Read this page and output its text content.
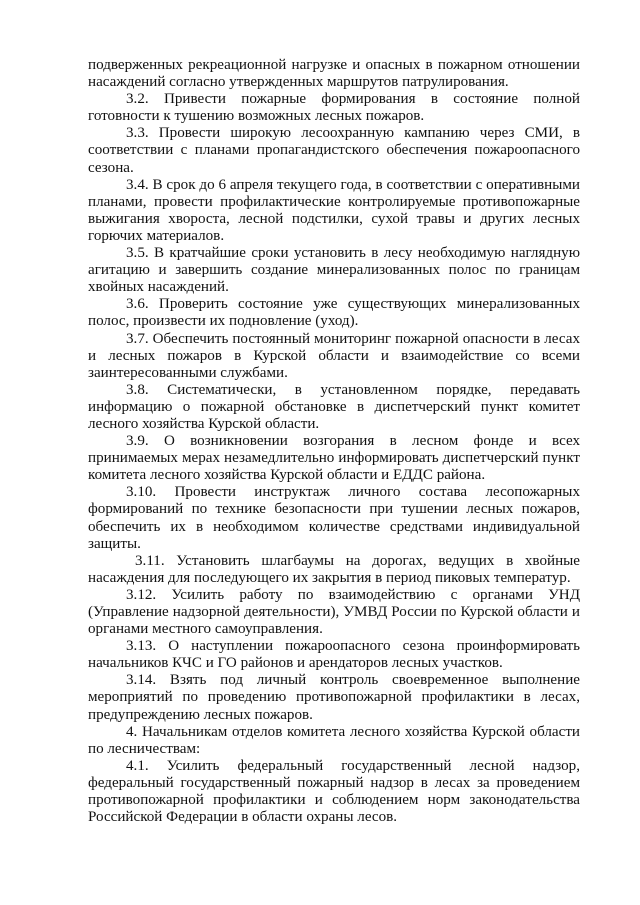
подверженных рекреационной нагрузке и опасных в пожарном отношении насаждений согласно утвержденных маршрутов патрулирования.

3.2. Привести пожарные формирования в состояние полной готовности к тушению возможных лесных пожаров.

3.3. Провести широкую лесоохранную кампанию через СМИ, в соответствии с планами пропагандистского обеспечения пожароопасного сезона.

3.4. В срок до 6 апреля текущего года, в соответствии с оперативными планами, провести профилактические контролируемые противопожарные выжигания хвороста, лесной подстилки, сухой травы и других лесных горючих материалов.

3.5. В кратчайшие сроки установить в лесу необходимую наглядную агитацию и завершить создание минерализованных полос по границам хвойных насаждений.

3.6. Проверить состояние уже существующих минерализованных полос, произвести их подновление (уход).

3.7. Обеспечить постоянный мониторинг пожарной опасности в лесах и лесных пожаров в Курской области и взаимодействие со всеми заинтересованными службами.

3.8. Систематически, в установленном порядке, передавать информацию о пожарной обстановке в диспетчерский пункт комитет лесного хозяйства Курской области.

3.9. О возникновении возгорания в лесном фонде и всех принимаемых мерах незамедлительно информировать диспетчерский пункт комитета лесного хозяйства Курской области и ЕДДС района.

3.10. Провести инструктаж личного состава лесопожарных формирований по технике безопасности при тушении лесных пожаров, обеспечить их в необходимом количестве средствами индивидуальной защиты.

3.11. Установить шлагбаумы на дорогах, ведущих в хвойные насаждения для последующего их закрытия в период пиковых температур.

3.12. Усилить работу по взаимодействию с органами УНД (Управление надзорной деятельности), УМВД России по Курской области и органами местного самоуправления.

3.13. О наступлении пожароопасного сезона проинформировать начальников КЧС и ГО районов и арендаторов лесных участков.

3.14. Взять под личный контроль своевременное выполнение мероприятий по проведению противопожарной профилактики в лесах, предупреждению лесных пожаров.

4. Начальникам отделов комитета лесного хозяйства Курской области по лесничествам:

4.1. Усилить федеральный государственный лесной надзор, федеральный государственный пожарный надзор в лесах за проведением противопожарной профилактики и соблюдением норм законодательства Российской Федерации в области охраны лесов.
